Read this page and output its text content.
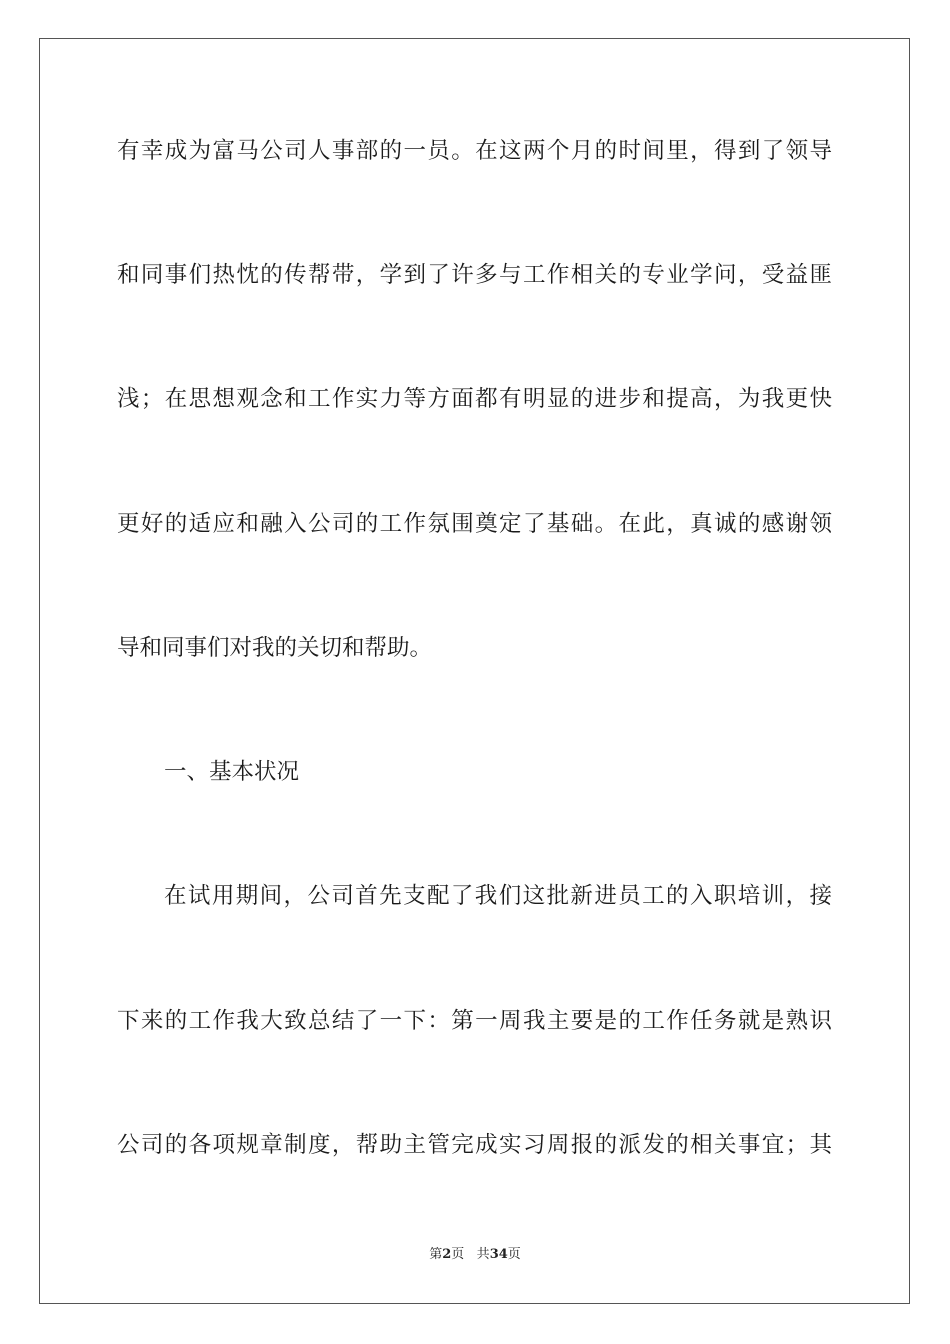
有幸成为富马公司人事部的一员。在这两个月的时间里，得到了领导
和同事们热忱的传帮带，学到了许多与工作相关的专业学问，受益匪
浅；在思想观念和工作实力等方面都有明显的进步和提高，为我更快
更好的适应和融入公司的工作氛围奠定了基础。在此，真诚的感谢领
导和同事们对我的关切和帮助。
一、基本状况
在试用期间，公司首先支配了我们这批新进员工的入职培训，接
下来的工作我大致总结了一下：第一周我主要是的工作任务就是熟识
公司的各项规章制度，帮助主管完成实习周报的派发的相关事宜；其
第2页 共34页
